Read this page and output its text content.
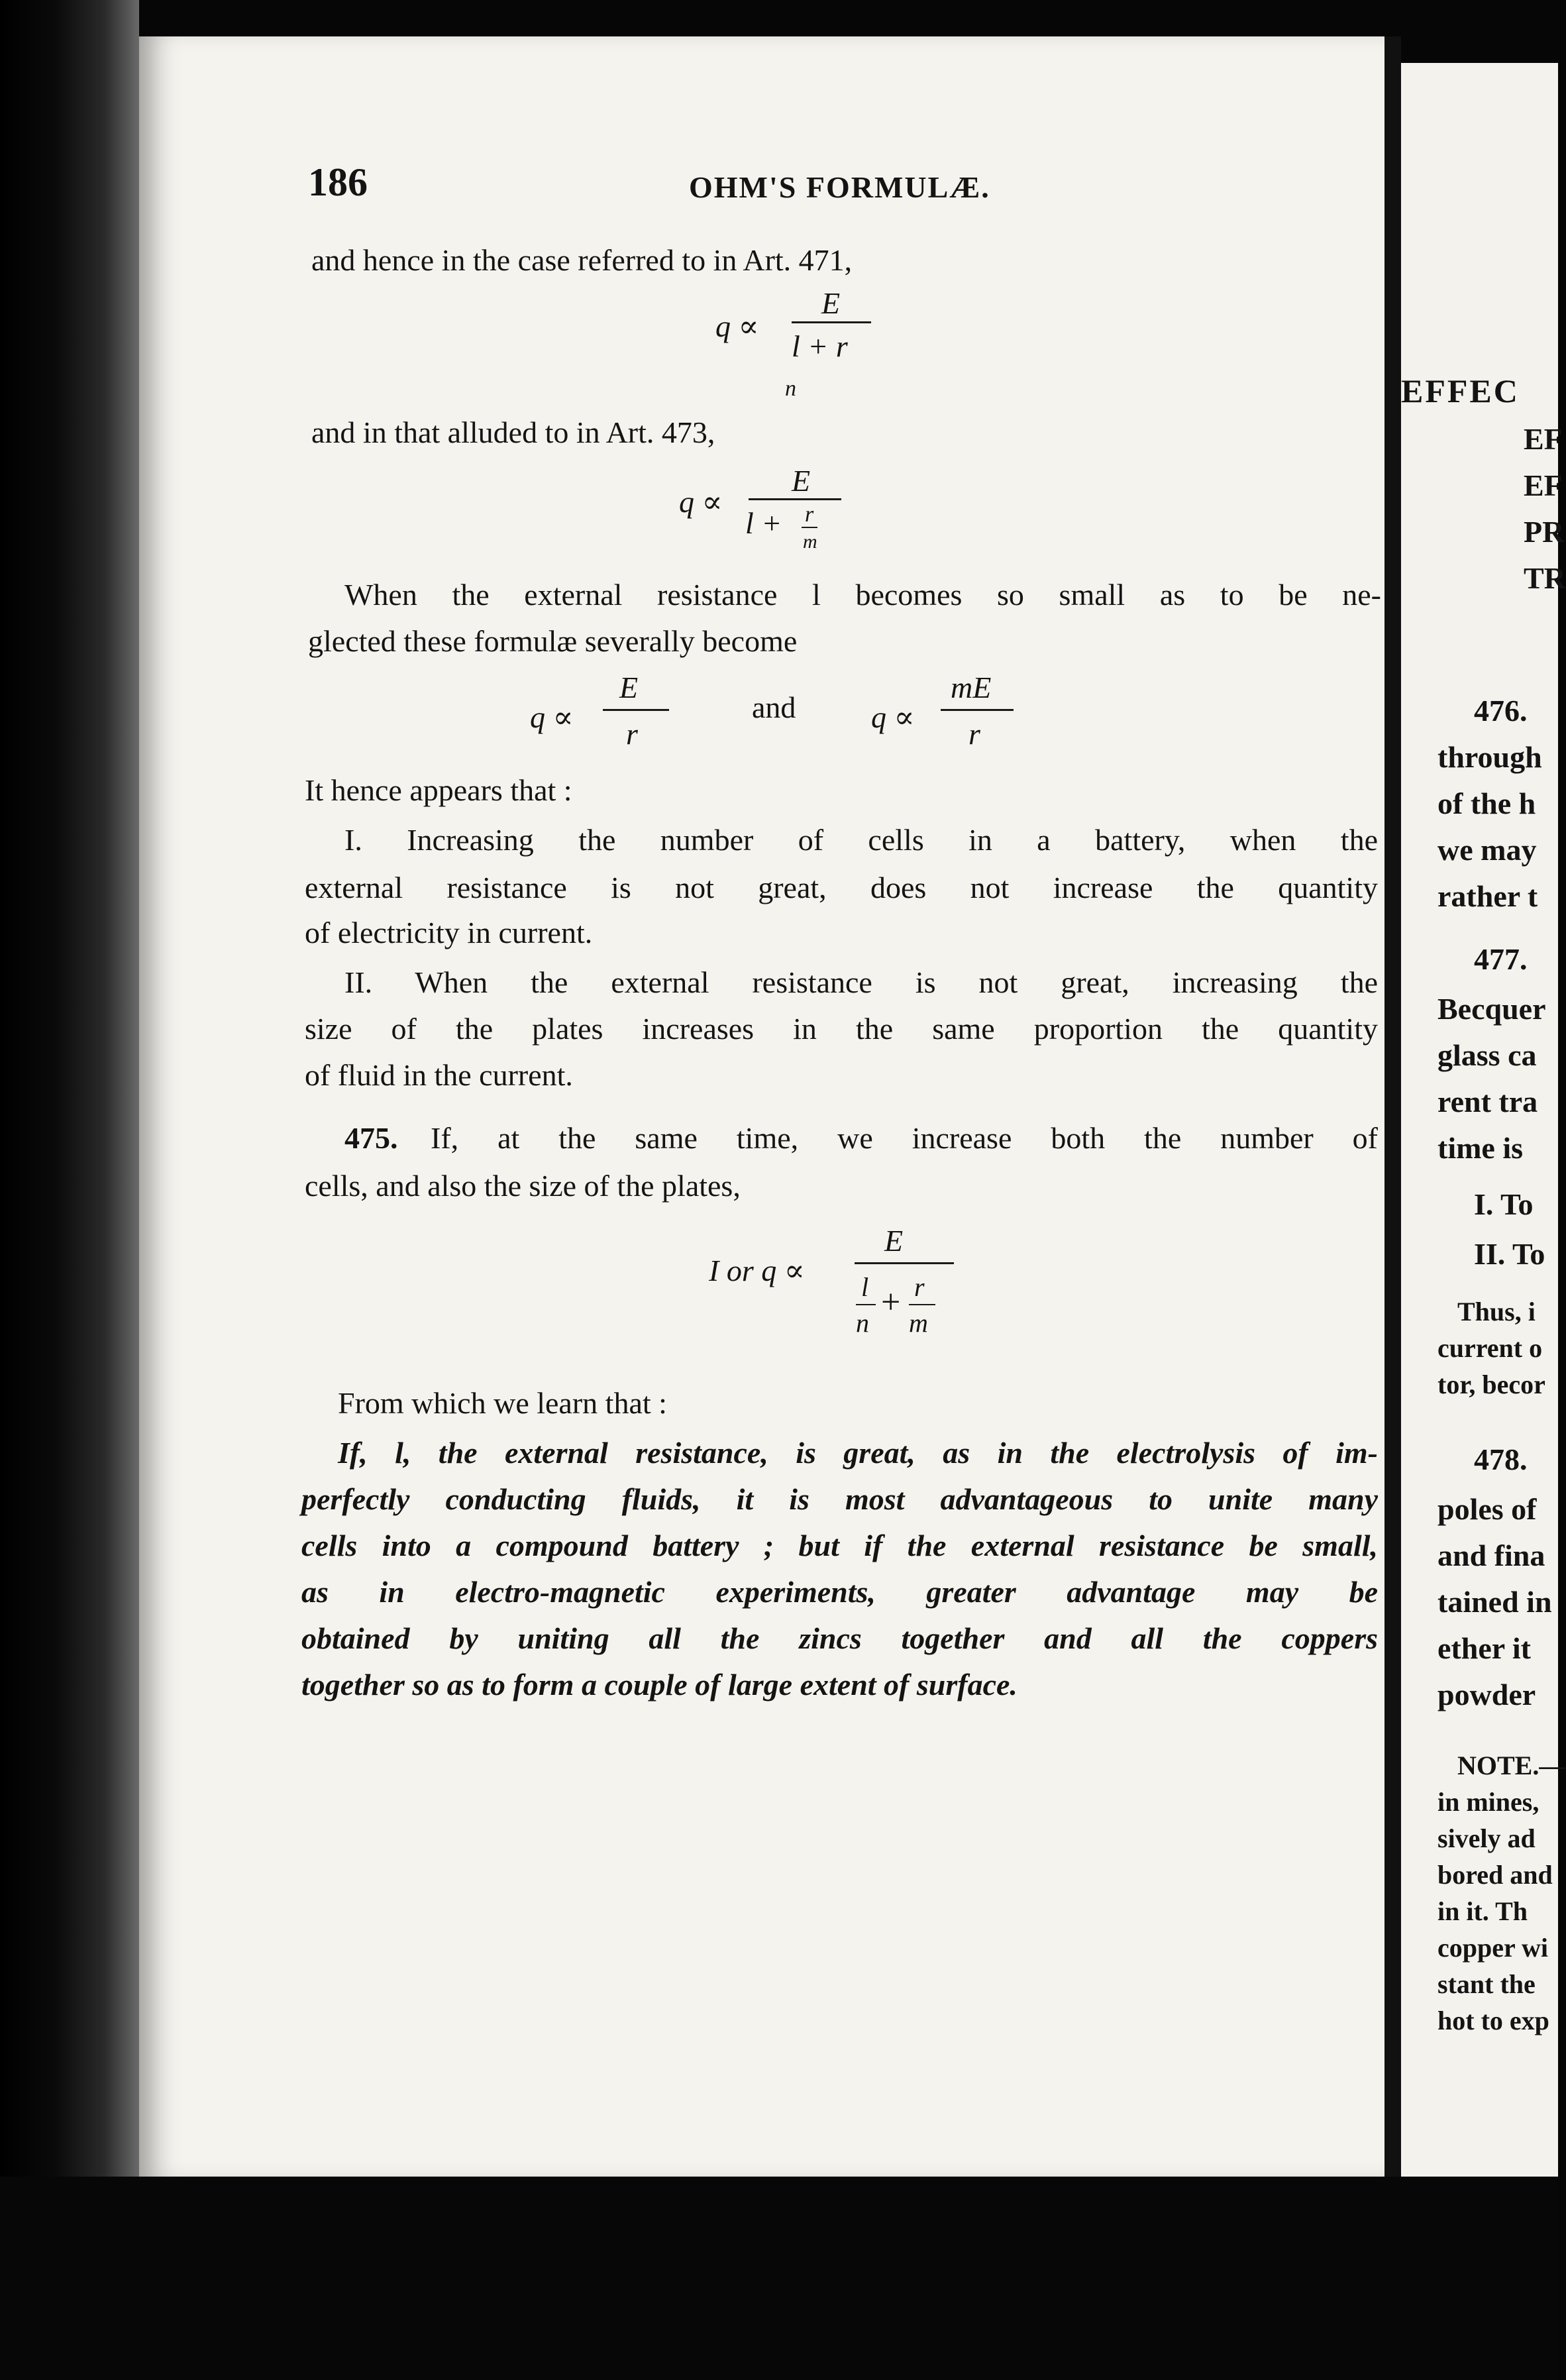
186	OHM'S FORMULÆ.
and hence in the case referred to in Art. 471,
q ∝
E
l + r
n
and in that alluded to in Art. 473,
q ∝
E
l + r
m
When the external resistance l becomes so small as to be ne-
glected these formulæ severally become
q ∝
E
r
and q ∝
mE
r
It hence appears that :
I. Increasing the number of cells in a battery, when the
external resistance is not great, does not increase the quantity
of electricity in current.
II. When the external resistance is not great, increasing the
size of the plates increases in the same proportion the quantity
of fluid in the current.
475. If, at the same time, we increase both the number of
cells, and also the size of the plates,
I or q ∝
E
l
n
+ r
m
From which we learn that :
If, l, the external resistance, is great, as in the electrolysis of im-
perfectly conducting fluids, it is most advantageous to unite many
cells into a compound battery ; but if the external resistance be small,
as in electro-magnetic experiments, greater advantage may be
obtained by uniting all the zincs together and all the coppers
together so as to form a couple of large extent of surface.
EFFEC
EF
EF
PR
TR
476.
through
of the h
we may
rather t
477.
Becquer
glass ca
rent tra
time is
I. To
II. To
Thus, i
current o
tor, becor
478.
poles of
and fina
tained in
ether it
powder
NOTE.—
in mines,
sively ad
bored and
in it. Th
copper wi
stant the
hot to exp
